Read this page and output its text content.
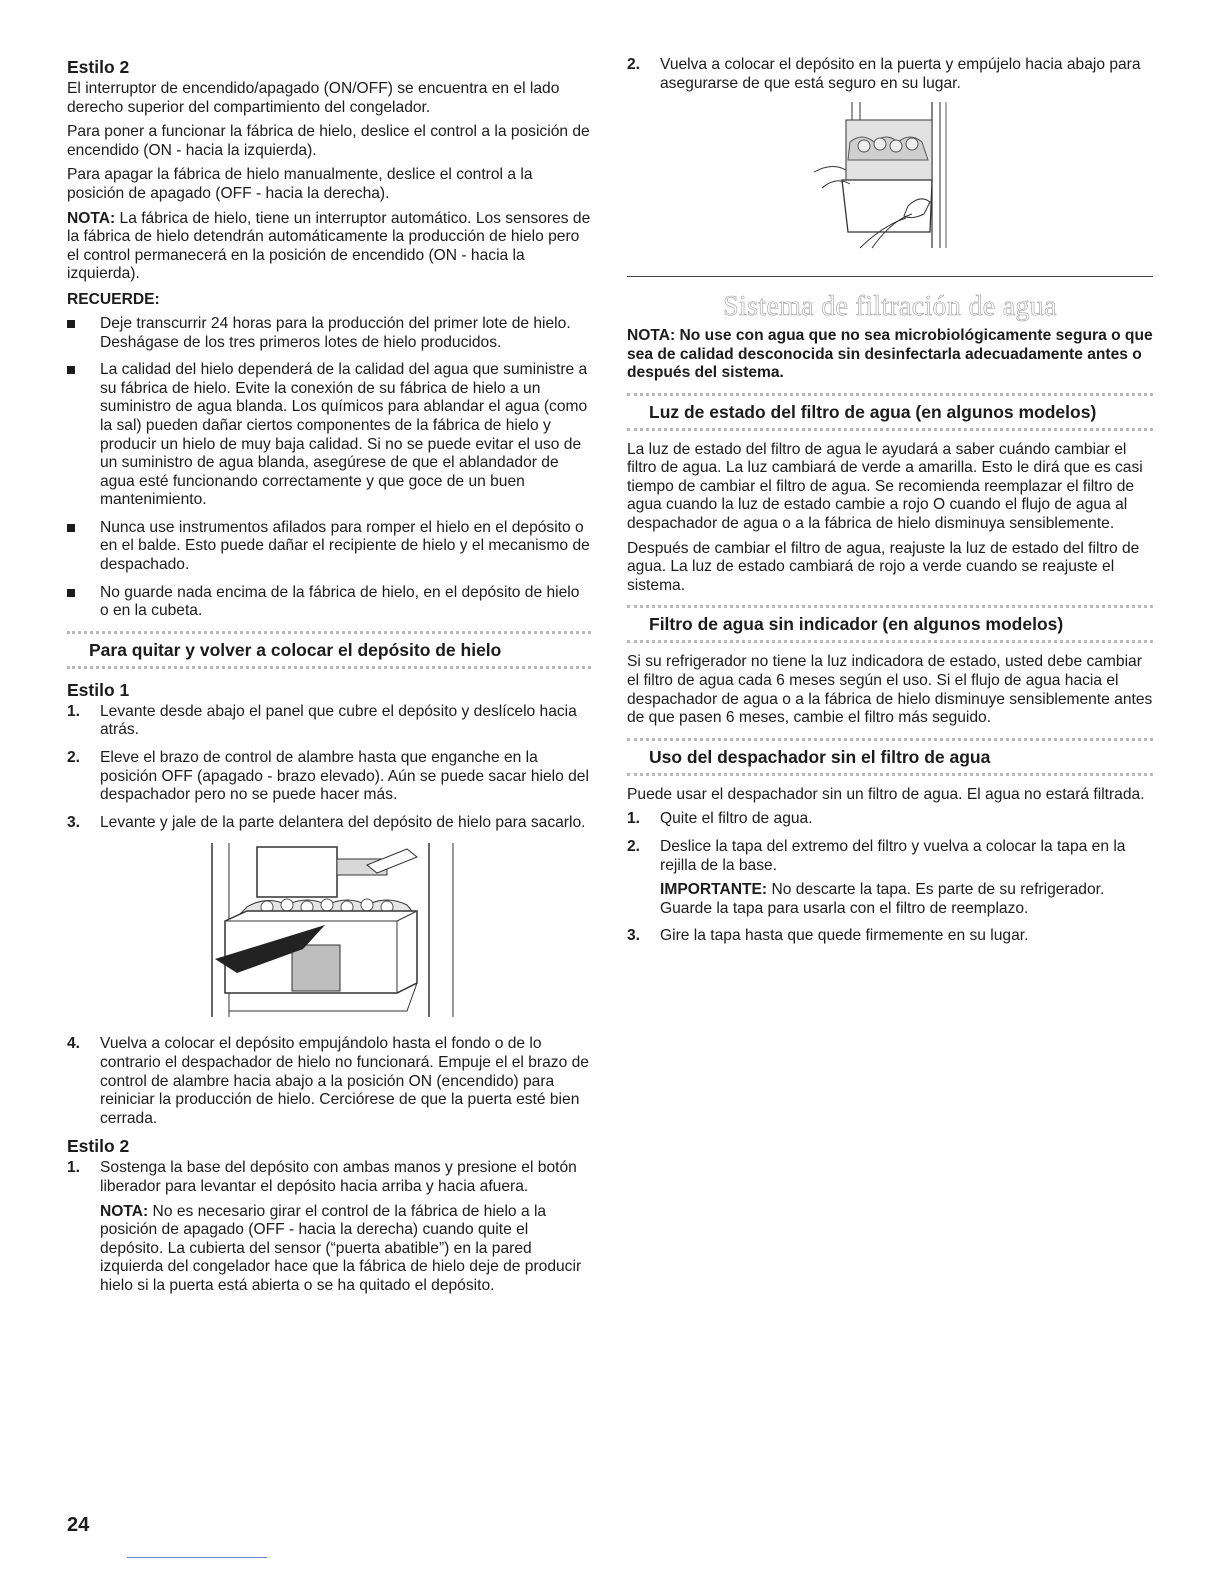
Estilo 2

El interruptor de encendido/apagado (ON/OFF) se encuentra en el lado derecho superior del compartimiento del congelador.

Para poner a funcionar la fábrica de hielo, deslice el control a la posición de encendido (ON - hacia la izquierda).

Para apagar la fábrica de hielo manualmente, deslice el control a la posición de apagado (OFF - hacia la derecha).

NOTA: La fábrica de hielo, tiene un interruptor automático. Los sensores de la fábrica de hielo detendrán automáticamente la producción de hielo pero el control permanecerá en la posición de encendido (ON - hacia la izquierda).

RECUERDE:
Deje transcurrir 24 horas para la producción del primer lote de hielo. Deshágase de los tres primeros lotes de hielo producidos.
La calidad del hielo dependerá de la calidad del agua que suministre a su fábrica de hielo. Evite la conexión de su fábrica de hielo a un suministro de agua blanda. Los químicos para ablandar el agua (como la sal) pueden dañar ciertos componentes de la fábrica de hielo y producir un hielo de muy baja calidad. Si no se puede evitar el uso de un suministro de agua blanda, asegúrese de que el ablandador de agua esté funcionando correctamente y que goce de un buen mantenimiento.
Nunca use instrumentos afilados para romper el hielo en el depósito o en el balde. Esto puede dañar el recipiente de hielo y el mecanismo de despachado.
No guarde nada encima de la fábrica de hielo, en el depósito de hielo o en la cubeta.
Para quitar y volver a colocar el depósito de hielo
Estilo 1
1. Levante desde abajo el panel que cubre el depósito y deslícelo hacia atrás.
2. Eleve el brazo de control de alambre hasta que enganche en la posición OFF (apagado - brazo elevado). Aún se puede sacar hielo del despachador pero no se puede hacer más.
3. Levante y jale de la parte delantera del depósito de hielo para sacarlo.
4. Vuelva a colocar el depósito empujándolo hasta el fondo o de lo contrario el despachador de hielo no funcionará. Empuje el el brazo de control de alambre hacia abajo a la posición ON (encendido) para reiniciar la producción de hielo. Cerciórese de que la puerta esté bien cerrada.
Estilo 2
1. Sostenga la base del depósito con ambas manos y presione el botón liberador para levantar el depósito hacia arriba y hacia afuera.

NOTA: No es necesario girar el control de la fábrica de hielo a la posición de apagado (OFF - hacia la derecha) cuando quite el depósito. La cubierta del sensor (“puerta abatible”) en la pared izquierda del congelador hace que la fábrica de hielo deje de producir hielo si la puerta está abierta o se ha quitado el depósito.

2. Vuelva a colocar el depósito en la puerta y empújelo hacia abajo para asegurarse de que está seguro en su lugar.
Sistema de filtración de agua
NOTA: No use con agua que no sea microbiológicamente segura o que sea de calidad desconocida sin desinfectarla adecuadamente antes o después del sistema.
Luz de estado del filtro de agua (en algunos modelos)

La luz de estado del filtro de agua le ayudará a saber cuándo cambiar el filtro de agua. La luz cambiará de verde a amarilla. Esto le dirá que es casi tiempo de cambiar el filtro de agua. Se recomienda reemplazar el filtro de agua cuando la luz de estado cambie a rojo O cuando el flujo de agua al despachador de agua o a la fábrica de hielo disminuya sensiblemente.

Después de cambiar el filtro de agua, reajuste la luz de estado del filtro de agua. La luz de estado cambiará de rojo a verde cuando se reajuste el sistema.

Filtro de agua sin indicador (en algunos modelos)

Si su refrigerador no tiene la luz indicadora de estado, usted debe cambiar el filtro de agua cada 6 meses según el uso. Si el flujo de agua hacia el despachador de agua o a la fábrica de hielo disminuye sensiblemente antes de que pasen 6 meses, cambie el filtro más seguido.

Uso del despachador sin el filtro de agua

Puede usar el despachador sin un filtro de agua. El agua no estará filtrada.

1. Quite el filtro de agua.
2. Deslice la tapa del extremo del filtro y vuelva a colocar la tapa en la rejilla de la base.

IMPORTANTE: No descarte la tapa. Es parte de su refrigerador. Guarde la tapa para usarla con el filtro de reemplazo.

3. Gire la tapa hasta que quede firmemente en su lugar.
24
